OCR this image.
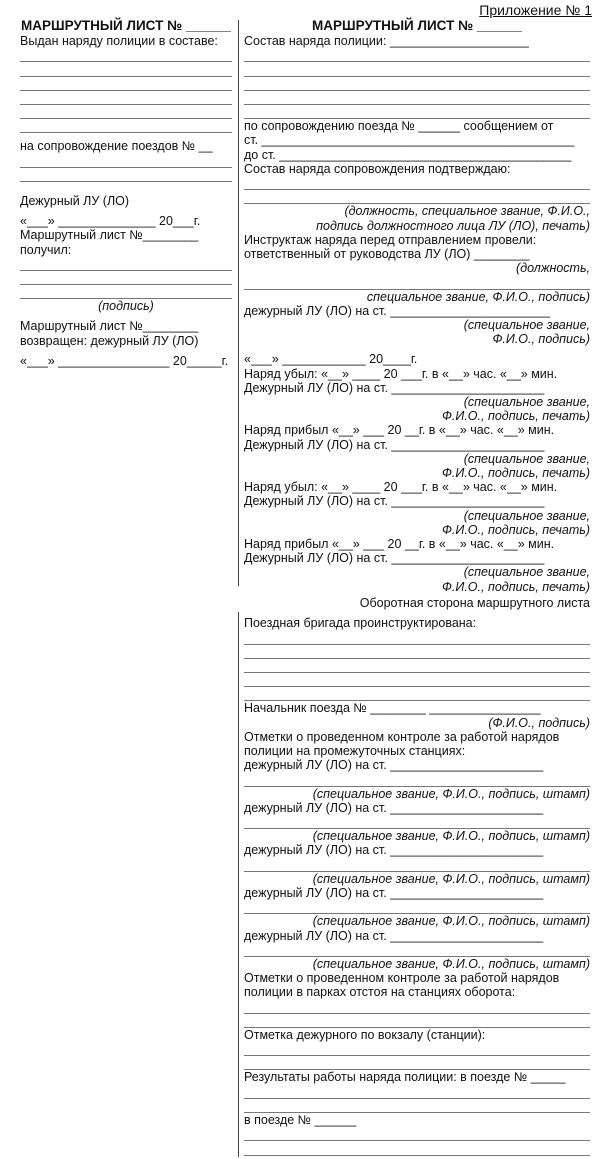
Приложение № 1
МАРШРУТНЫЙ ЛИСТ № ______
Выдан наряду полиции в составе:
на сопровождение поездов № __
Дежурный ЛУ (ЛО)
«___» ______________ 20___г.
Маршрутный лист №________
получил:
(подпись)
Маршрутный лист №________
возвращен: дежурный ЛУ (ЛО)
«___» ________________ 20_____г.
МАРШРУТНЫЙ ЛИСТ № ______
Состав наряда полиции: ____________________
по сопровождению поезда № ______ сообщением от
ст. _____________________________________________
до ст. __________________________________________
Состав наряда сопровождения подтверждаю:
(должность, специальное звание, Ф.И.О.,
подпись должностного лица ЛУ (ЛО), печать)
Инструктаж наряда перед отправлением провели:
ответственный от руководства ЛУ (ЛО) ________
(должность,
специальное звание, Ф.И.О., подпись)
дежурный ЛУ (ЛО) на ст. _______________________
(специальное звание,
Ф.И.О., подпись)
«___» ____________ 20____г.
Наряд убыл: «__» ____ 20 ___г. в «__» час. «__» мин.
Дежурный ЛУ (ЛО) на ст. ______________________
(специальное звание,
Ф.И.О., подпись, печать)
Наряд прибыл «__» ___ 20 __г. в «__» час. «__» мин.
Дежурный ЛУ (ЛО) на ст. ______________________
(специальное звание,
Ф.И.О., подпись, печать)
Наряд убыл: «__» ____ 20 ___г. в «__» час. «__» мин.
Дежурный ЛУ (ЛО) на ст. ______________________
(специальное звание,
Ф.И.О., подпись, печать)
Наряд прибыл «__» ___ 20 __г. в «__» час. «__» мин.
Дежурный ЛУ (ЛО) на ст. ______________________
(специальное звание,
Ф.И.О., подпись, печать)
Оборотная сторона маршрутного листа
Поездная бригада проинструктирована:
Начальник поезда № ________ ________________
(Ф.И.О., подпись)
Отметки о проведенном контроле за работой нарядов
полиции на промежуточных станциях:
дежурный ЛУ (ЛО) на ст. ______________________
(специальное звание, Ф.И.О., подпись, штамп)
дежурный ЛУ (ЛО) на ст. ______________________
(специальное звание, Ф.И.О., подпись, штамп)
дежурный ЛУ (ЛО) на ст. ______________________
(специальное звание, Ф.И.О., подпись, штамп)
дежурный ЛУ (ЛО) на ст. ______________________
(специальное звание, Ф.И.О., подпись, штамп)
дежурный ЛУ (ЛО) на ст. ______________________
(специальное звание, Ф.И.О., подпись, штамп)
Отметки о проведенном контроле за работой нарядов
полиции в парках отстоя на станциях оборота:
Отметка дежурного по вокзалу (станции):
Результаты работы наряда полиции: в поезде № _____
в поезде № ______
